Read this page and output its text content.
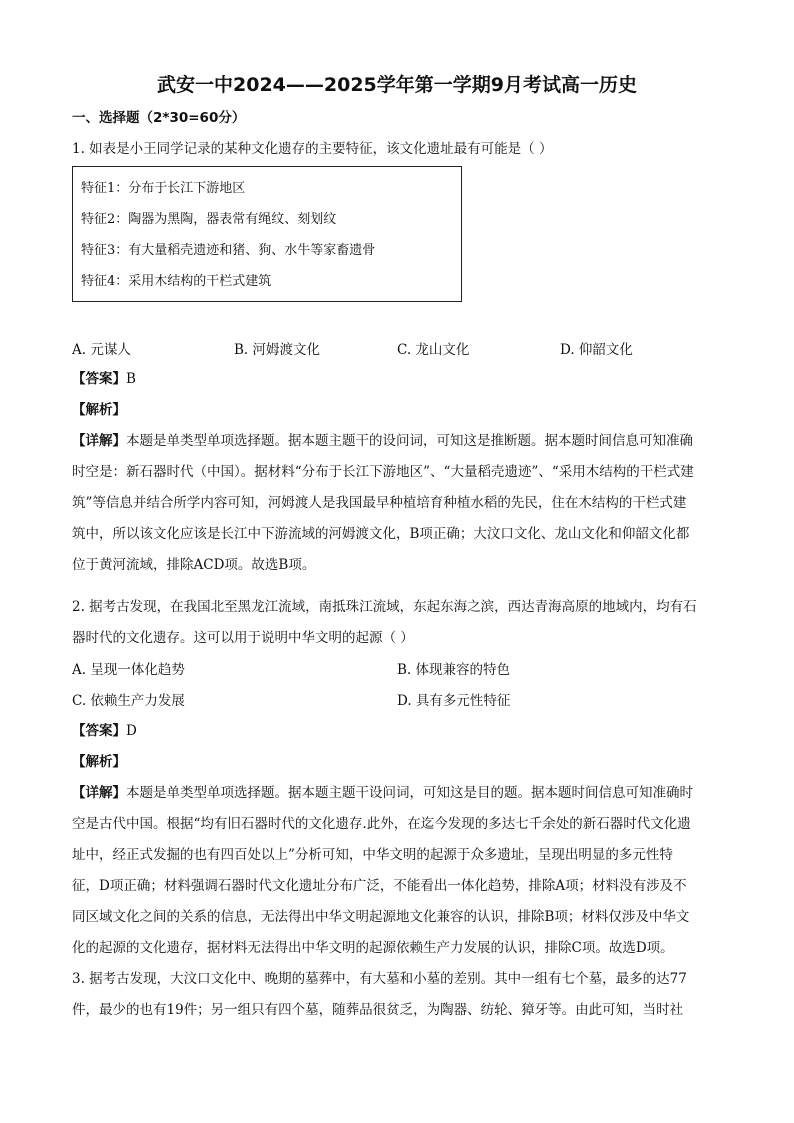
武安一中2024——2025学年第一学期9月考试高一历史
一、选择题（2*30=60分）
1. 如表是小王同学记录的某种文化遗存的主要特征，该文化遗址最有可能是（ ）
特征1：分布于长江下游地区
特征2：陶器为黑陶，器表常有绳纹、刻划纹
特征3：有大量稻壳遗迹和猪、狗、水牛等家畜遗骨
特征4：采用木结构的干栏式建筑
A. 元谋人	B. 河姆渡文化	C. 龙山文化	D. 仰韶文化
【答案】B
【解析】
【详解】本题是单类型单项选择题。据本题主题干的设问词，可知这是推断题。据本题时间信息可知准确
时空是：新石器时代（中国）。据材料“分布于长江下游地区”、“大量稻壳遗迹”、“采用木结构的干栏式建
筑”等信息并结合所学内容可知，河姆渡人是我国最早种植培育种植水稻的先民，住在木结构的干栏式建
筑中，所以该文化应该是长江中下游流域的河姆渡文化，B项正确；大汶口文化、龙山文化和仰韶文化都
位于黄河流域，排除ACD项。故选B项。
2. 据考古发现，在我国北至黑龙江流域，南抵珠江流域，东起东海之滨，西达青海高原的地域内，均有石
器时代的文化遗存。这可以用于说明中华文明的起源（ ）
A. 呈现一体化趋势	B. 体现兼容的特色
C. 依赖生产力发展	D. 具有多元性特征
【答案】D
【解析】
【详解】本题是单类型单项选择题。据本题主题干设问词，可知这是目的题。据本题时间信息可知准确时
空是古代中国。根据“均有旧石器时代的文化遗存.此外，在迄今发现的多达七千余处的新石器时代文化遗
址中，经正式发掘的也有四百处以上”分析可知，中华文明的起源于众多遗址，呈现出明显的多元性特
征，D项正确；材料强调石器时代文化遗址分布广泛，不能看出一体化趋势，排除A项；材料没有涉及不
同区域文化之间的关系的信息，无法得出中华文明起源地文化兼容的认识，排除B项；材料仅涉及中华文
化的起源的文化遗存，据材料无法得出中华文明的起源依赖生产力发展的认识，排除C项。故选D项。
3. 据考古发现，大汶口文化中、晚期的墓葬中，有大墓和小墓的差别。其中一组有七个墓，最多的达77
件，最少的也有19件；另一组只有四个墓，随葬品很贫乏，为陶器、纺轮、獐牙等。由此可知，当时社
